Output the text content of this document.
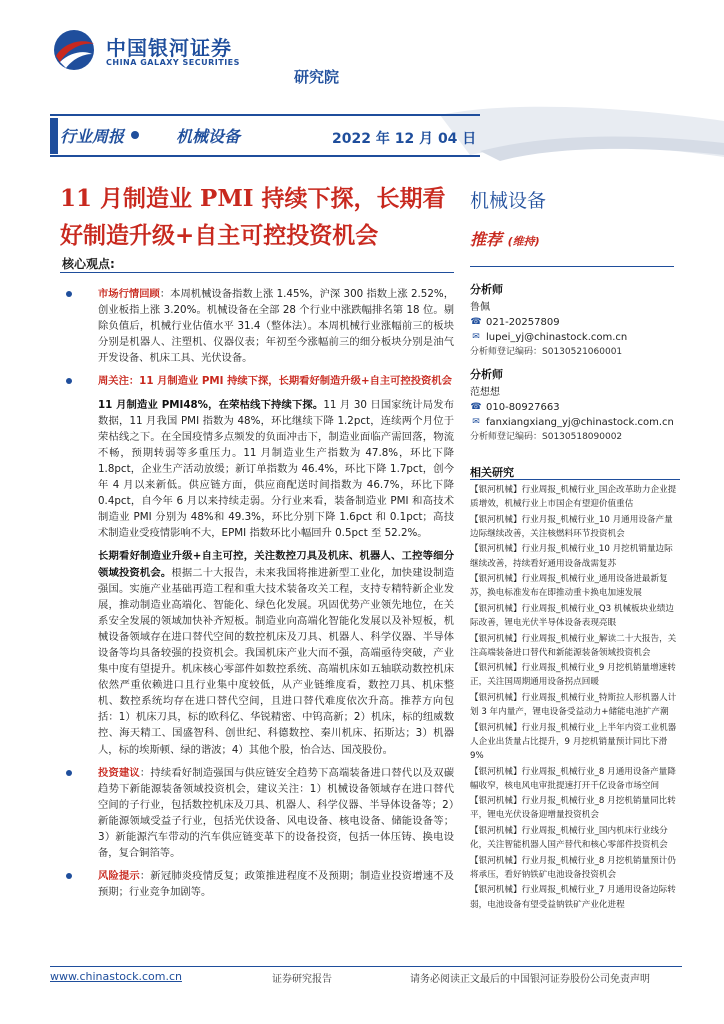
中国银河证券
CHINA GALAXY SECURITIES
研究院
行业周报	机械设备	2022 年 12 月 04 日
11 月制造业 PMI 持续下探，长期看好制造升级+自主可控投资机会
机械设备
推荐 (维持)
核心观点:
市场行情回顾：本周机械设备指数上涨 1.45%，沪深 300 指数上涨 2.52%，创业板指上涨 3.20%。机械设备在全部 28 个行业中涨跌幅排名第 18 位。剔除负值后，机械行业估值水平 31.4（整体法）。本周机械行业涨幅前三的板块分别是机器人、注塑机、仪器仪表；年初至今涨幅前三的细分板块分别是油气开发设备、机床工具、光伏设备。
周关注：11 月制造业 PMI 持续下探，长期看好制造升级+自主可控投资机会
11 月制造业 PMI48%，在荣枯线下持续下探。11 月 30 日国家统计局发布数据，11 月我国 PMI 指数为 48%，环比继续下降 1.2pct，连续两个月位于荣枯线之下。在全国疫情多点频发的负面冲击下，制造业面临产需回落，物流不畅，预期转弱等多重压力。11 月制造业生产指数为 47.8%，环比下降 1.8pct，企业生产活动放缓；新订单指数为 46.4%，环比下降 1.7pct，创今年 4 月以来新低。供应链方面，供应商配送时间指数为 46.7%，环比下降 0.4pct，自今年 6 月以来持续走弱。分行业来看，装备制造业 PMI 和高技术制造业 PMI 分别为 48%和 49.3%，环比分别下降 1.6pct 和 0.1pct；高技术制造业受疫情影响不大，EPMI 指数环比小幅回升 0.5pct 至 52.2%。
长期看好制造业升级+自主可控，关注数控刀具及机床、机器人、工控等细分领域投资机会。根据二十大报告，未来我国将推进新型工业化，加快建设制造强国。实施产业基础再造工程和重大技术装备攻关工程，支持专精特新企业发展，推动制造业高端化、智能化、绿色化发展。巩固优势产业领先地位，在关系安全发展的领域加快补齐短板。制造业向高端化智能化发展以及补短板，机械设备领域存在进口替代空间的数控机床及刀具、机器人、科学仪器、半导体设备等均具备较强的投资机会。我国机床产业大而不强，高端亟待突破，产业集中度有望提升。机床核心零部件如数控系统、高端机床如五轴联动数控机床依然严重依赖进口且行业集中度较低，从产业链维度看，数控刀具、机床整机、数控系统均存在进口替代空间，且进口替代难度依次升高。推荐方向包括：1）机床刀具，标的欧科亿、华锐精密、中钨高新；2）机床，标的纽威数控、海天精工、国盛智科、创世纪、科德数控、秦川机床、拓斯达；3）机器人，标的埃斯顿、绿的谐波；4）其他个股，怡合达、国茂股份。
投资建议：持续看好制造强国与供应链安全趋势下高端装备进口替代以及双碳趋势下新能源装备领域投资机会，建议关注：1）机械设备领域存在进口替代空间的子行业，包括数控机床及刀具、机器人、科学仪器、半导体设备等；2）新能源领域受益子行业，包括光伏设备、风电设备、核电设备、储能设备等；3）新能源汽车带动的汽车供应链变革下的设备投资，包括一体压铸、换电设备，复合铜箔等。
风险提示：新冠肺炎疫情反复；政策推进程度不及预期；制造业投资增速不及预期；行业竞争加剧等。
分析师
鲁佩
☎ 021-20257809
✉ lupei_yj@chinastock.com.cn
分析师登记编码：S0130521060001
分析师
范想想
☎ 010-80927663
✉ fanxiangxiang_yj@chinastock.com.cn
分析师登记编码：S0130518090002
相关研究
【银河机械】行业周报_机械行业_国企改革助力企业提质增效，机械行业上市国企有望迎价值重估
【银河机械】行业月报_机械行业_10 月通用设备产量边际继续改善，关注核燃料环节投资机会
【银河机械】行业月报_机械行业_10 月挖机销量边际继续改善，持续看好通用设备战需复苏
【银河机械】行业周报_机械行业_通用设备进最新复苏，换电标准发布在即推动重卡换电加速发展
【银河机械】行业周报_机械行业_Q3 机械板块业绩边际改善，锂电光伏半导体设备表现亮眼
【银河机械】行业周报_机械行业_解读二十大报告，关注高端装备进口替代和新能源装备领域投资机会
【银河机械】行业周报_机械行业_9 月挖机销量增速转正，关注国周期通用设备拐点回暖
【银河机械】行业周报_机械行业_特斯拉人形机器人计划 3 年内量产，锂电设备受益动力+储能电池扩产潮
【银河机械】行业月报_机械行业_上半年内资工业机器人企业出货量占比提升，9 月挖机销量预计同比下滑 9%
【银河机械】行业周报_机械行业_8 月通用设备产量降幅收窄，核电风电审批提速打开千亿设备市场空间
【银河机械】行业月报_机械行业_8 月挖机销量同比转平，锂电光伏设备迎增量投资机会
【银河机械】行业周报_机械行业_国内机床行业线分化，关注智能机器人国产替代和核心零部件投资机会
【银河机械】行业月报_机械行业_8 月挖机销量预计仍将承压，看好钠铁矿电池设备投资机会
【银河机械】行业周报_机械行业_7 月通用设备边际转弱，电池设备有望受益钠铁矿产业化进程
www.chinastock.com.cn	证券研究报告	请务必阅读正文最后的中国银河证券股份公司免责声明
